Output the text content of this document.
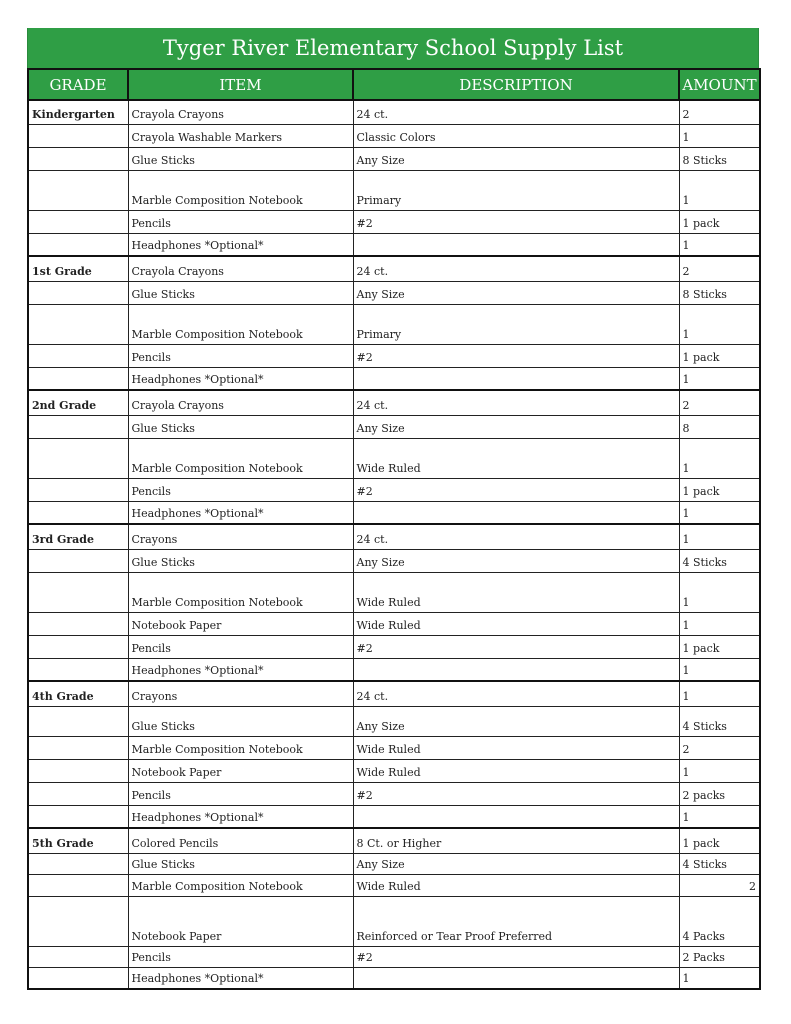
Tyger River Elementary School Supply List
GRADE	ITEM	DESCRIPTION	AMOUNT
Kindergarten	Crayola Crayons	24 ct.	2
	Crayola Washable Markers	Classic Colors	1
	Glue Sticks	Any Size	8 Sticks
	Marble Composition Notebook	Primary	1
	Pencils	#2	1 pack
	Headphones *Optional*		1
1st Grade	Crayola Crayons	24 ct.	2
	Glue Sticks	Any Size	8 Sticks
	Marble Composition Notebook	Primary	1
	Pencils	#2	1 pack
	Headphones *Optional*		1
2nd Grade	Crayola Crayons	24 ct.	2
	Glue Sticks	Any Size	8
	Marble Composition Notebook	Wide Ruled	1
	Pencils	#2	1 pack
	Headphones *Optional*		1
3rd Grade	Crayons	24 ct.	1
	Glue Sticks	Any Size	4 Sticks
	Marble Composition Notebook	Wide Ruled	1
	Notebook Paper	Wide Ruled	1
	Pencils	#2	1 pack
	Headphones *Optional*		1
4th Grade	Crayons	24 ct.	1
	Glue Sticks	Any Size	4 Sticks
	Marble Composition Notebook	Wide Ruled	2
	Notebook Paper	Wide Ruled	1
	Pencils	#2	2 packs
	Headphones *Optional*		1
5th Grade	Colored Pencils	8 Ct. or Higher	1 pack
	Glue Sticks	Any Size	4 Sticks
	Marble Composition Notebook	Wide Ruled	2
	Notebook Paper	Reinforced or Tear Proof Preferred	4 Packs
	Pencils	#2	2 Packs
	Headphones *Optional*		1
